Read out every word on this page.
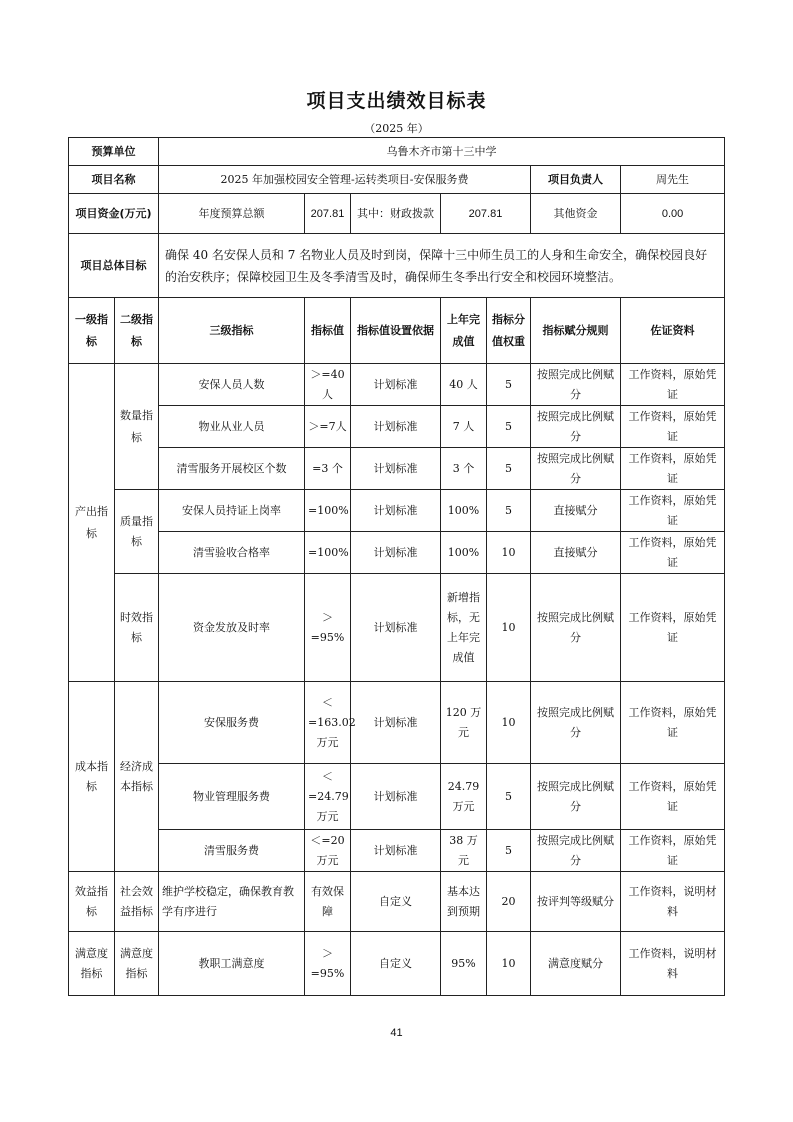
项目支出绩效目标表
（2025 年）
预算单位		乌鲁木齐市第十三中学						
项目名称		2025 年加强校园安全管理-运转类项目-安保服务费					项目负责人	周先生
项目资金(万元)		年度预算总额	207.81	其中：财政拨款	207.81		其他资金	0.00
项目总体目标		确保 40 名安保人员和 7 名物业人员及时到岗，保障十三中师生员工的人身和生命安全，确保校园良好的治安秩序；保障校园卫生及冬季清雪及时，确保师生冬季出行安全和校园环境整洁。						
一级指标	二级指标	三级指标	指标值	指标值设置依据	上年完成值	指标分值权重	指标赋分规则	佐证资料
产出指标	数量指标	安保人员人数	＞=40人	计划标准	40 人	5	按照完成比例赋分	工作资料，原始凭证
		物业从业人员	＞=7人	计划标准	7 人	5	按照完成比例赋分	工作资料，原始凭证
		清雪服务开展校区个数	=3 个	计划标准	3 个	5	按照完成比例赋分	工作资料，原始凭证
	质量指标	安保人员持证上岗率	=100%	计划标准	100%	5	直接赋分	工作资料，原始凭证
		清雪验收合格率	=100%	计划标准	100%	10	直接赋分	工作资料，原始凭证
	时效指标	资金发放及时率	＞=95%	计划标准	新增指标，无上年完成值	10	按照完成比例赋分	工作资料，原始凭证
成本指标	经济成本指标	安保服务费	＜=163.02万元	计划标准	120 万元	10	按照完成比例赋分	工作资料，原始凭证
		物业管理服务费	＜=24.79万元	计划标准	24.79万元	5	按照完成比例赋分	工作资料，原始凭证
		清雪服务费	＜=20万元	计划标准	38 万元	5	按照完成比例赋分	工作资料，原始凭证
效益指标	社会效益指标	维护学校稳定，确保教育教学有序进行	有效保障	自定义	基本达到预期	20	按评判等级赋分	工作资料，说明材料
满意度指标	满意度指标	教职工满意度	＞=95%	自定义	95%	10	满意度赋分	工作资料，说明材料
41
